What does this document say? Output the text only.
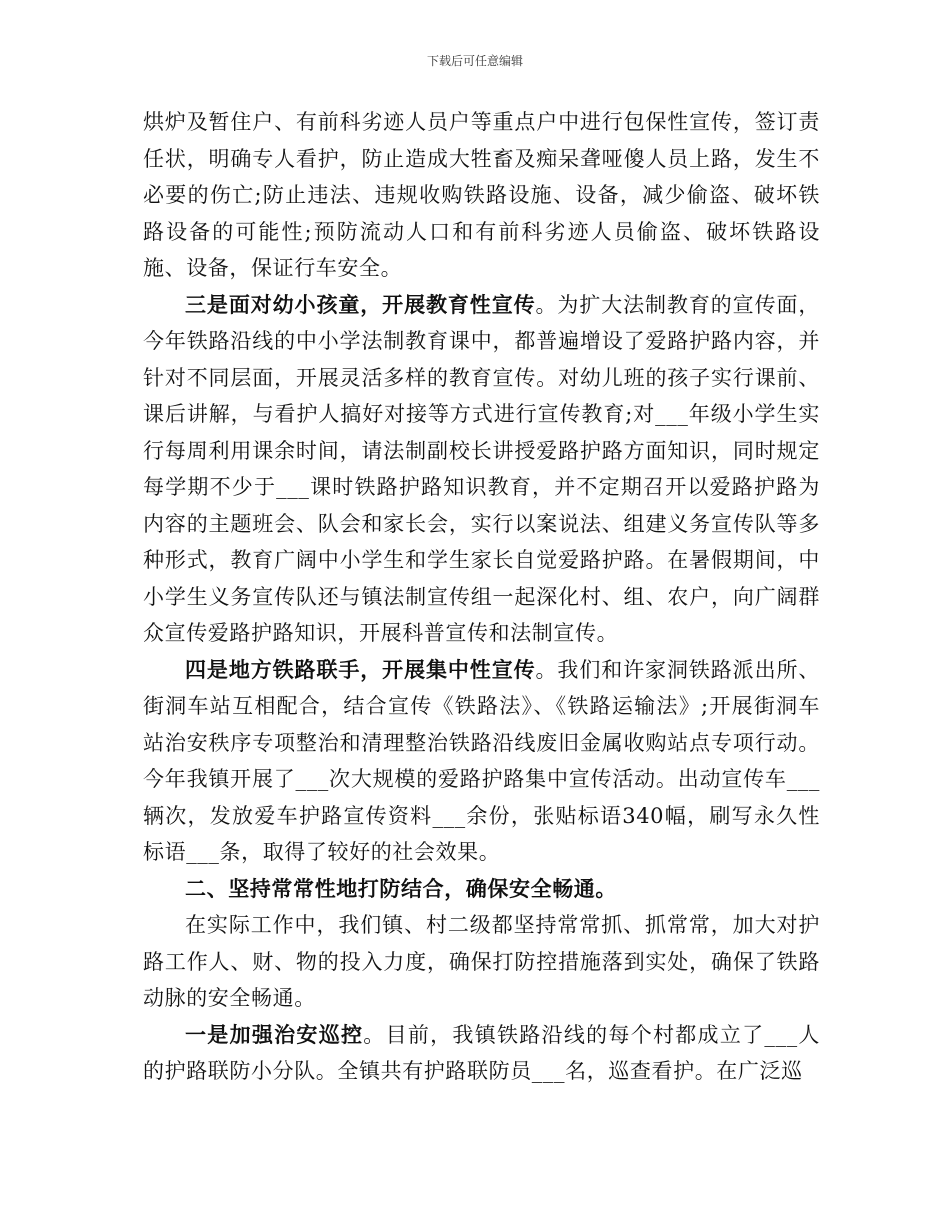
下载后可任意编辑

烘炉及暂住户、有前科劣迹人员户等重点户中进行包保性宣传，签订责任状，明确专人看护，防止造成大牲畜及痴呆聋哑傻人员上路，发生不必要的伤亡;防止违法、违规收购铁路设施、设备，减少偷盗、破坏铁路设备的可能性;预防流动人口和有前科劣迹人员偷盗、破坏铁路设施、设备，保证行车安全。

三是面对幼小孩童，开展教育性宣传。为扩大法制教育的宣传面，今年铁路沿线的中小学法制教育课中，都普遍增设了爱路护路内容，并针对不同层面，开展灵活多样的教育宣传。对幼儿班的孩子实行课前、课后讲解，与看护人搞好对接等方式进行宣传教育;对___年级小学生实行每周利用课余时间，请法制副校长讲授爱路护路方面知识，同时规定每学期不少于___课时铁路护路知识教育，并不定期召开以爱路护路为内容的主题班会、队会和家长会，实行以案说法、组建义务宣传队等多种形式，教育广阔中小学生和学生家长自觉爱路护路。在暑假期间，中小学生义务宣传队还与镇法制宣传组一起深化村、组、农户，向广阔群众宣传爱路护路知识，开展科普宣传和法制宣传。

四是地方铁路联手，开展集中性宣传。我们和许家洞铁路派出所、街洞车站互相配合，结合宣传《铁路法》、《铁路运输法》;开展街洞车站治安秩序专项整治和清理整治铁路沿线废旧金属收购站点专项行动。今年我镇开展了___次大规模的爱路护路集中宣传活动。出动宣传车___辆次，发放爱车护路宣传资料___余份，张贴标语340幅，刷写永久性标语___条，取得了较好的社会效果。

二、坚持常常性地打防结合，确保安全畅通。

在实际工作中，我们镇、村二级都坚持常常抓、抓常常，加大对护路工作人、财、物的投入力度，确保打防控措施落到实处，确保了铁路动脉的安全畅通。

一是加强治安巡控。目前，我镇铁路沿线的每个村都成立了___人的护路联防小分队。全镇共有护路联防员___名，巡查看护。在广泛巡
